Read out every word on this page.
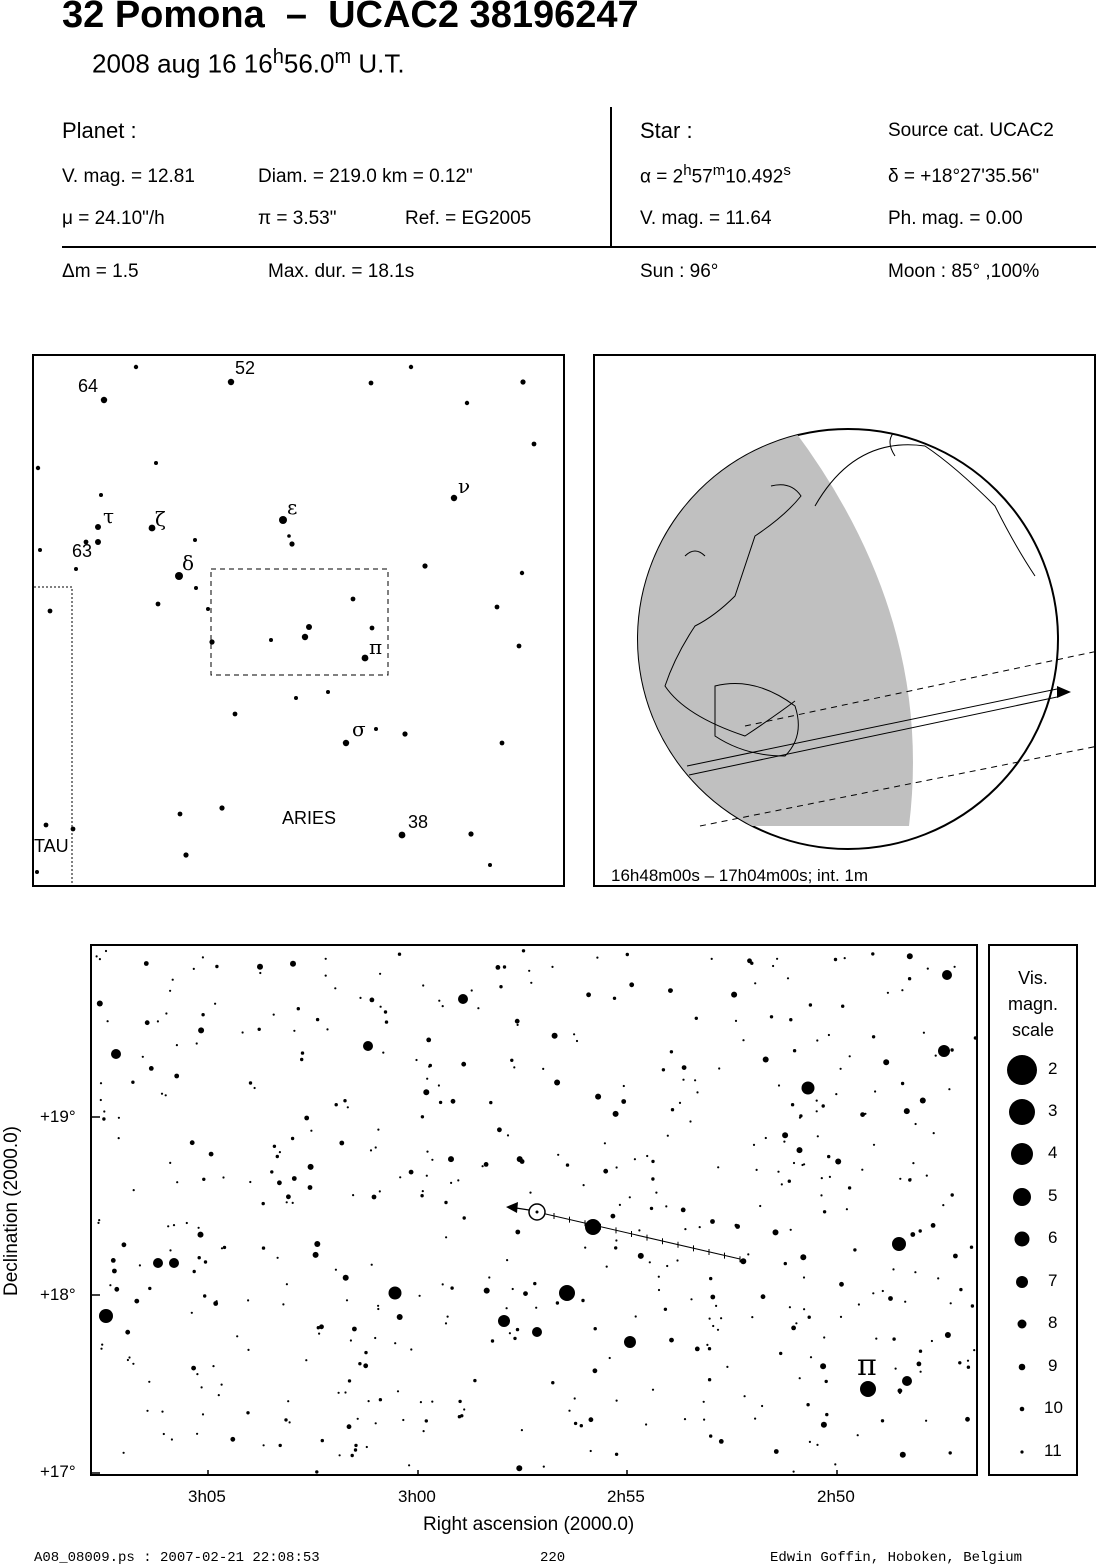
32 Pomona  –  UCAC2 38196247
2008 aug 16 16$^h$56.0$^m$ U.T.
Planet :
V. mag. = 12.81	Diam. = 219.0 km = 0.12"
μ = 24.10"/h	π = 3.53"	Ref. = EG2005
Δm = 1.5	Max. dur. = 18.1s
Star :	Source cat. UCAC2
$\alpha = 2^h57^m10.492^s$	δ = +18°27'35.56"
V. mag. = 11.64	Ph. mag. = 0.00
Sun : 96°	Moon : 85° ,100%
64
52
τ ζ	ε
ν
63	δ
π
σ
ARIES	38
TAU
16h48m00s – 17h04m00s; int. 1m
π
+19°
+18°
+17°
3h05	3h00	2h55	2h50
Right ascension (2000.0)
Declination (2000.0)
Vis.
magn.
scale
2
3
4
5
6
7
8
9
10
11
A08_08009.ps : 2007-02-21 22:08:53	220	Edwin Goffin, Hoboken, Belgium
